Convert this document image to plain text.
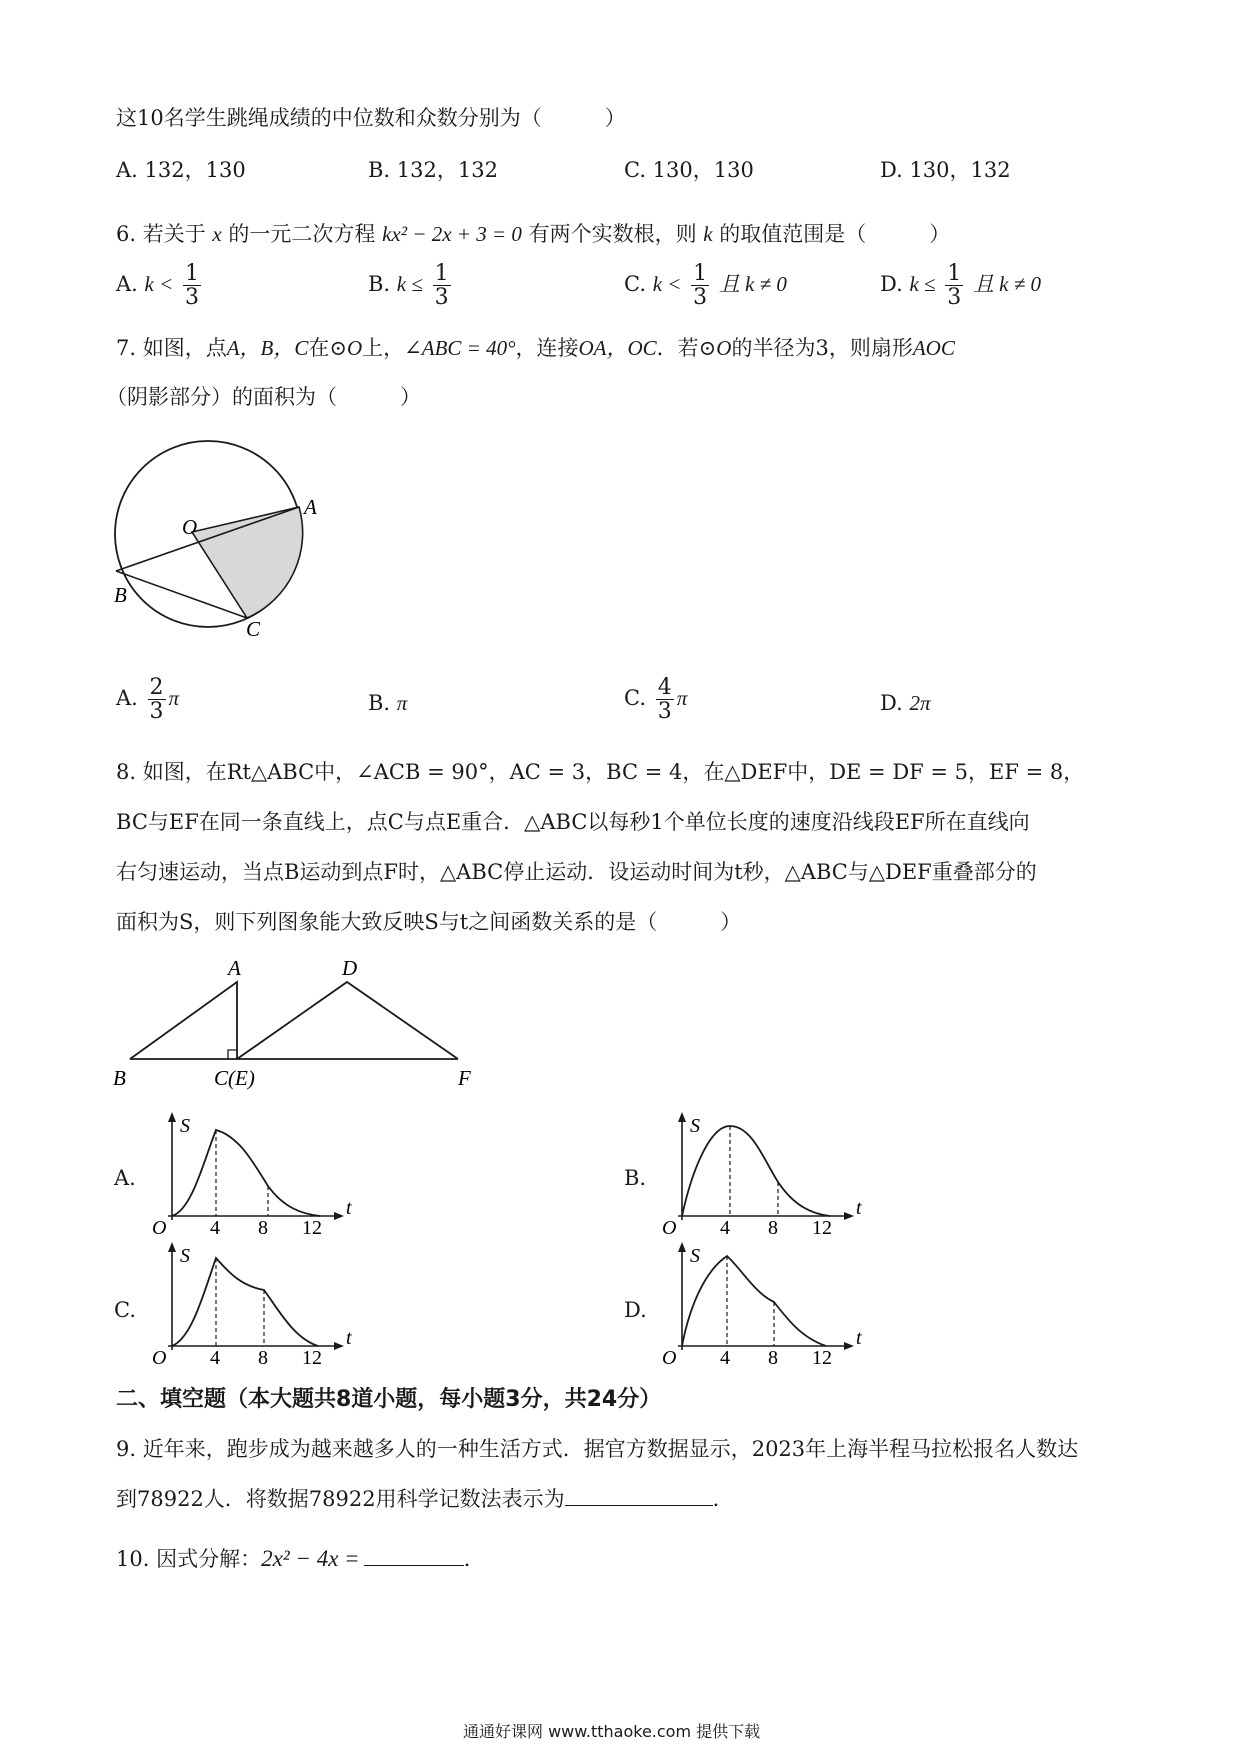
这10名学生跳绳成绩的中位数和众数分别为（　　　）
A. 132，130	B. 132，132	C. 130，130	D. 130，132
6. 若关于 x 的一元二次方程 kx² − 2x + 3 = 0 有两个实数根，则 k 的取值范围是（　　　）
A. $k < \frac{1}{3}$	B. $k \le \frac{1}{3}$	C. $k < \frac{1}{3}$ 且 k ≠ 0	D. $k \le \frac{1}{3}$ 且 k ≠ 0
7. 如图，点A，B，C在⊙O上，∠ABC = 40°，连接OA，OC．若⊙O的半径为3，则扇形AOC
（阴影部分）的面积为（　　　）
O
A
B
C
A. $\frac{2}{3}$ π	B. π	C. $\frac{4}{3}$ π	D. 2π
8. 如图，在Rt△ABC中，∠ACB = 90°，AC = 3，BC = 4，在△DEF中，DE = DF = 5，EF = 8，
BC与EF在同一条直线上，点C与点E重合．△ABC以每秒1个单位长度的速度沿线段EF所在直线向
右匀速运动，当点B运动到点F时，△ABC停止运动．设运动时间为t秒，△ABC与△DEF重叠部分的
面积为S，则下列图象能大致反映S与t之间函数关系的是（　　　）
A	D
B	C(E)	F
A.	B.
C.	D.
S
t
O 4 8 12
S
t
O 4 8 12
S
t
O 4 8 12
S
t
O 4 8 12
二、填空题（本大题共8道小题，每小题3分，共24分）
9. 近年来，跑步成为越来越多人的一种生活方式．据官方数据显示，2023年上海半程马拉松报名人数达
到78922人．将数据78922用科学记数法表示为	．
10. 因式分解：2x² − 4x =	．
通通好课网 www.tthaoke.com 提供下载
